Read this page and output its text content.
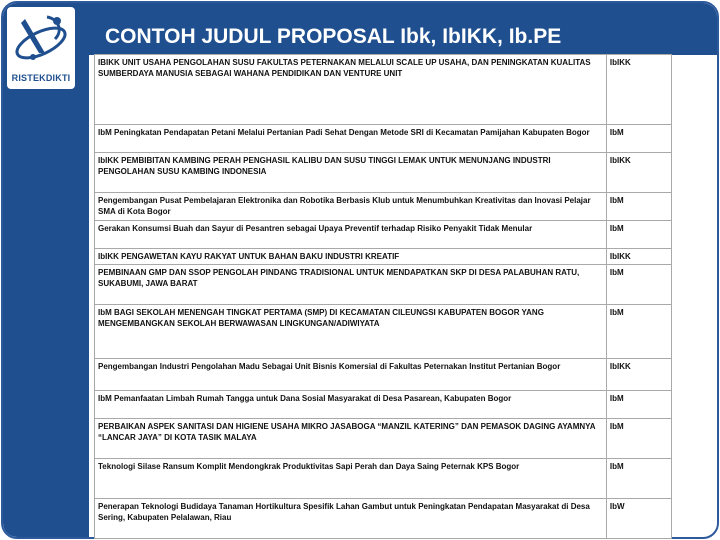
RISTEKDIKTI
CONTOH JUDUL PROPOSAL Ibk, IbIKK, Ib.PE
IBIKK UNIT USAHA PENGOLAHAN SUSU FAKULTAS PETERNAKAN MELALUI SCALE UP USAHA, DAN PENINGKATAN KUALITAS SUMBERDAYA MANUSIA SEBAGAI WAHANA PENDIDIKAN DAN VENTURE UNIT	IbIKK
IbM Peningkatan Pendapatan Petani Melalui Pertanian Padi Sehat Dengan Metode SRI di Kecamatan Pamijahan Kabupaten Bogor	IbM
IbIKK PEMBIBITAN KAMBING PERAH PENGHASIL KALIBU DAN SUSU TINGGI LEMAK UNTUK MENUNJANG INDUSTRI PENGOLAHAN SUSU KAMBING INDONESIA	IbIKK
Pengembangan Pusat Pembelajaran Elektronika dan Robotika Berbasis Klub untuk Menumbuhkan Kreativitas dan Inovasi Pelajar SMA di Kota Bogor	IbM
Gerakan Konsumsi Buah dan Sayur di Pesantren sebagai Upaya Preventif terhadap Risiko Penyakit Tidak Menular	IbM
IbIKK PENGAWETAN KAYU RAKYAT UNTUK BAHAN BAKU INDUSTRI KREATIF	IbIKK
PEMBINAAN GMP DAN SSOP PENGOLAH PINDANG TRADISIONAL UNTUK MENDAPATKAN SKP DI DESA PALABUHAN RATU, SUKABUMI, JAWA BARAT	IbM
IbM BAGI SEKOLAH MENENGAH TINGKAT PERTAMA (SMP) DI KECAMATAN CILEUNGSI KABUPATEN BOGOR YANG MENGEMBANGKAN SEKOLAH BERWAWASAN LINGKUNGAN/ADIWIYATA	IbM
Pengembangan Industri Pengolahan Madu Sebagai Unit Bisnis Komersial di Fakultas Peternakan Institut Pertanian Bogor	IbIKK
IbM Pemanfaatan Limbah Rumah Tangga untuk Dana Sosial Masyarakat di Desa Pasarean, Kabupaten Bogor	IbM
PERBAIKAN ASPEK SANITASI DAN HIGIENE USAHA MIKRO JASABOGA “MANZIL KATERING” DAN PEMASOK DAGING AYAMNYA “LANCAR JAYA” DI KOTA TASIK MALAYA	IbM
Teknologi Silase Ransum Komplit Mendongkrak Produktivitas Sapi Perah dan Daya Saing Peternak KPS Bogor	IbM
Penerapan Teknologi Budidaya Tanaman Hortikultura Spesifik Lahan Gambut untuk Peningkatan Pendapatan Masyarakat di Desa Sering, Kabupaten Pelalawan, Riau	IbW
